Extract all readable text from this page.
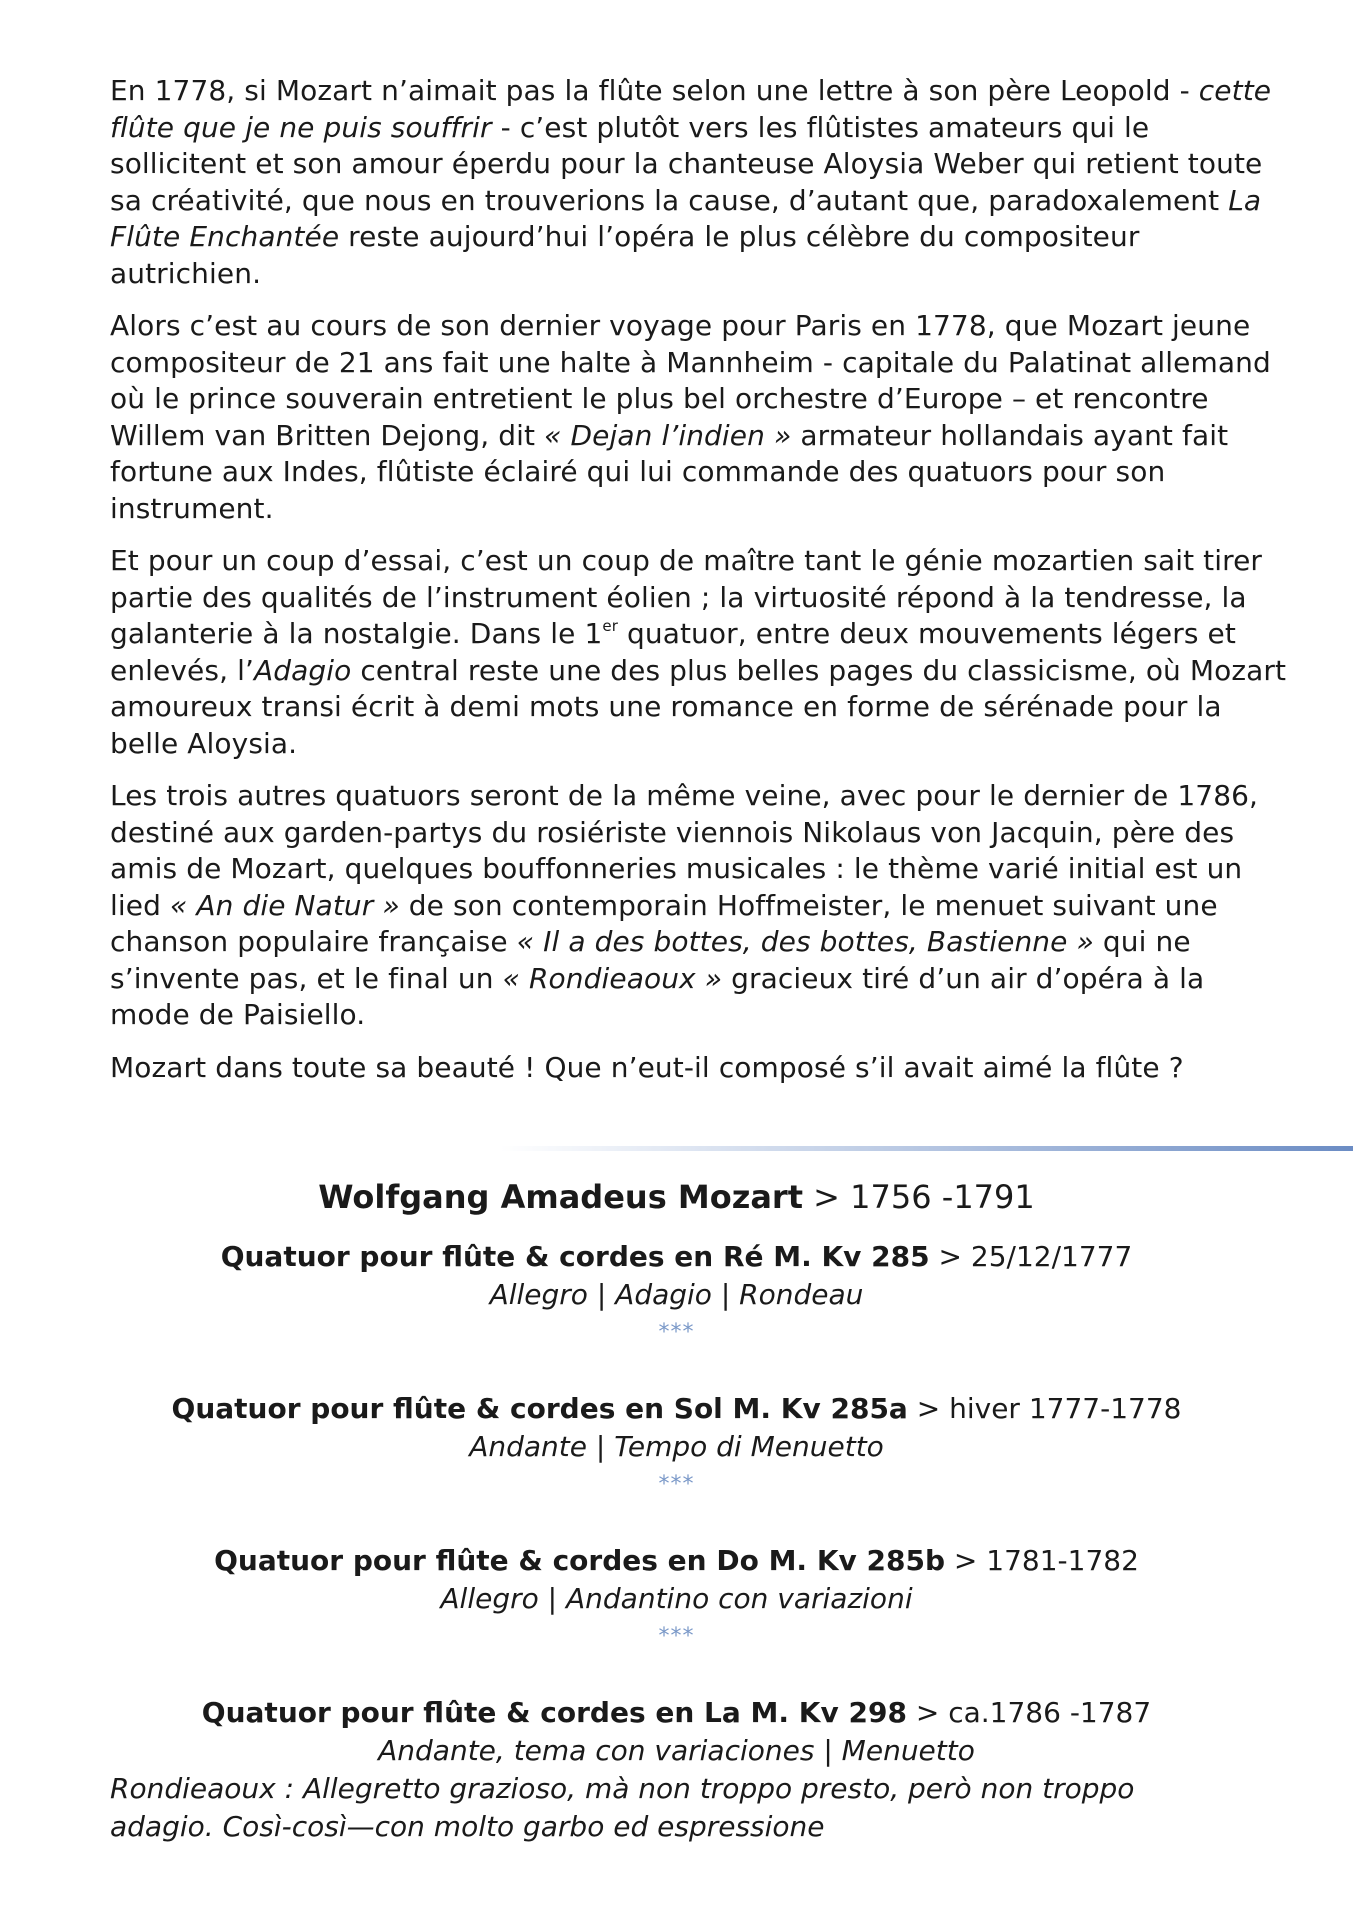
En 1778, si Mozart n’aimait pas la flûte selon une lettre à son père Leopold - cette flûte que je ne puis souffrir - c’est plutôt vers les flûtistes amateurs qui le sollicitent et son amour éperdu pour la chanteuse Aloysia Weber qui retient toute sa créativité, que nous en trouverions la cause, d’autant que, paradoxalement La Flûte Enchantée reste aujourd’hui l’opéra le plus célèbre du compositeur autrichien.

Alors c’est au cours de son dernier voyage pour Paris en 1778, que Mozart jeune compositeur de 21 ans fait une halte à Mannheim - capitale du Palatinat allemand où le prince souverain entretient le plus bel orchestre d’Europe – et rencontre Willem van Britten Dejong, dit « Dejan l’indien » armateur hollandais ayant fait fortune aux Indes, flûtiste éclairé qui lui commande des quatuors pour son instrument.

Et pour un coup d’essai, c’est un coup de maître tant le génie mozartien sait tirer partie des qualités de l’instrument éolien ; la virtuosité répond à la tendresse, la galanterie à la nostalgie. Dans le 1er quatuor, entre deux mouvements légers et enlevés, l’Adagio central reste une des plus belles pages du classicisme, où Mozart amoureux transi écrit à demi mots une romance en forme de sérénade pour la belle Aloysia.

Les trois autres quatuors seront de la même veine, avec pour le dernier de 1786, destiné aux garden-partys du rosiériste viennois Nikolaus von Jacquin, père des amis de Mozart, quelques bouffonneries musicales : le thème varié initial est un lied « An die Natur » de son contemporain Hoffmeister, le menuet suivant une chanson populaire française « Il a des bottes, des bottes, Bastienne » qui ne s’invente pas, et le final un « Rondieaoux » gracieux tiré d’un air d’opéra à la mode de Paisiello.

Mozart dans toute sa beauté ! Que n’eut-il composé s’il avait aimé la flûte ?

Wolfgang Amadeus Mozart > 1756 -1791
Quatuor pour flûte & cordes en Ré M. Kv 285 > 25/12/1777
Allegro | Adagio | Rondeau
***
Quatuor pour flûte & cordes en Sol M. Kv 285a > hiver 1777-1778
Andante | Tempo di Menuetto
***
Quatuor pour flûte & cordes en Do M. Kv 285b > 1781-1782
Allegro | Andantino con variazioni
***
Quatuor pour flûte & cordes en La M. Kv 298 > ca.1786 -1787
Andante, tema con variaciones | Menuetto
Rondieaoux : Allegretto grazioso, mà non troppo presto, però non troppo
adagio. Così-così—con molto garbo ed espressione
